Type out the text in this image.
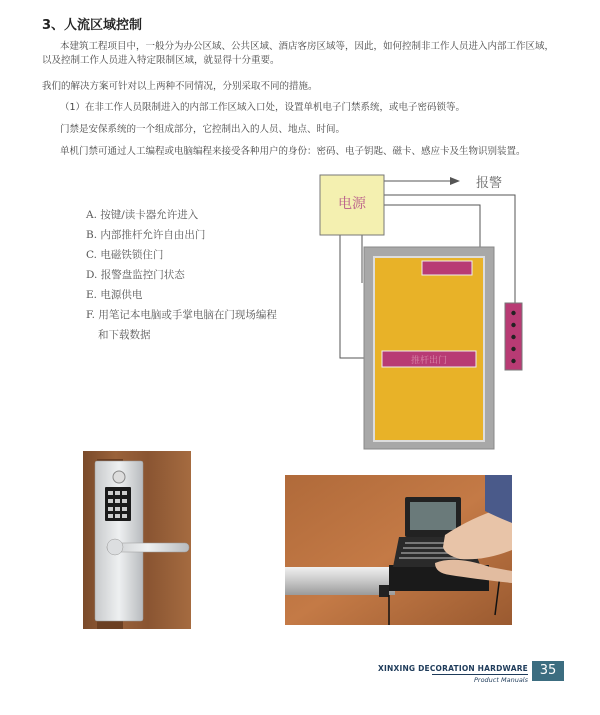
3、人流区域控制
本建筑工程项目中，一般分为办公区域、公共区域、酒店客房区域等，因此，如何控制非工作人员进入内部工作区域，以及控制工作人员进入特定限制区域，就显得十分重要。
我们的解决方案可针对以上两种不同情况，分别采取不同的措施。
（1）在非工作人员限制进入的内部工作区域入口处，设置单机电子门禁系统，或电子密码锁等。
门禁是安保系统的一个组成部分，它控制出入的人员、地点、时间。
单机门禁可通过人工编程或电脑编程来接受各种用户的身份：密码、电子钥匙、磁卡、感应卡及生物识别装置。
A. 按键/读卡器允许进入
B. 内部推杆允许自由出门
C. 电磁铁锁住门
D. 报警盘监控门状态
E. 电源供电
F. 用笔记本电脑或手掌电脑在门现场编程
和下载数据
电源
报警
推杆出门
XINXING DECORATION HARDWARE
Product Manuals
35
